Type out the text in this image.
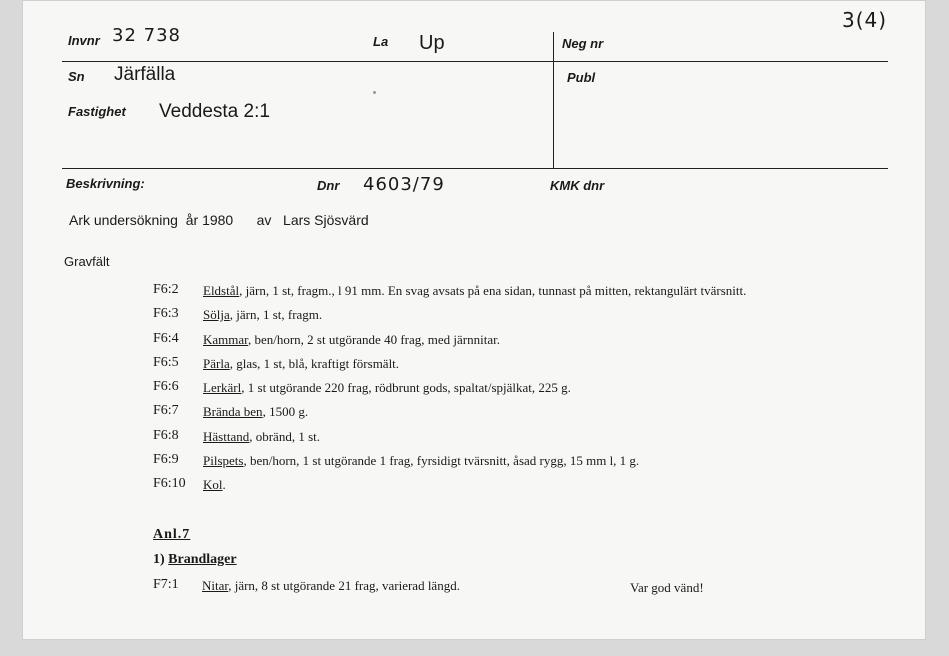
3(4)
Invnr 32 738	La Up	Neg nr
Sn Järfälla	Publ
Fastighet Veddesta 2:1
Beskrivning:	Dnr 4603/79	KMK dnr
Ark undersökning år 1980 av Lars Sjösvärd
Gravfält
F6:2 Eldstål, järn, 1 st, fragm., l 91 mm. En svag avsats på ena sidan, tunnast på mitten, rektangulärt tvärsnitt.
F6:3 Sölja, järn, 1 st, fragm.
F6:4 Kammar, ben/horn, 2 st utgörande 40 frag, med järnnitar.
F6:5 Pärla, glas, 1 st, blå, kraftigt försmält.
F6:6 Lerkärl, 1 st utgörande 220 frag, rödbrunt gods, spaltat/spjälkat, 225 g.
F6:7 Brända ben, 1500 g.
F6:8 Hästtand, obränd, 1 st.
F6:9 Pilspets, ben/horn, 1 st utgörande 1 frag, fyrsidigt tvärsnitt, åsad rygg, 15 mm l, 1 g.
F6:10 Kol.
Anl.7
1) Brandlager
F7:1 Nitar, järn, 8 st utgörande 21 frag, varierad längd.	Var god vänd!
